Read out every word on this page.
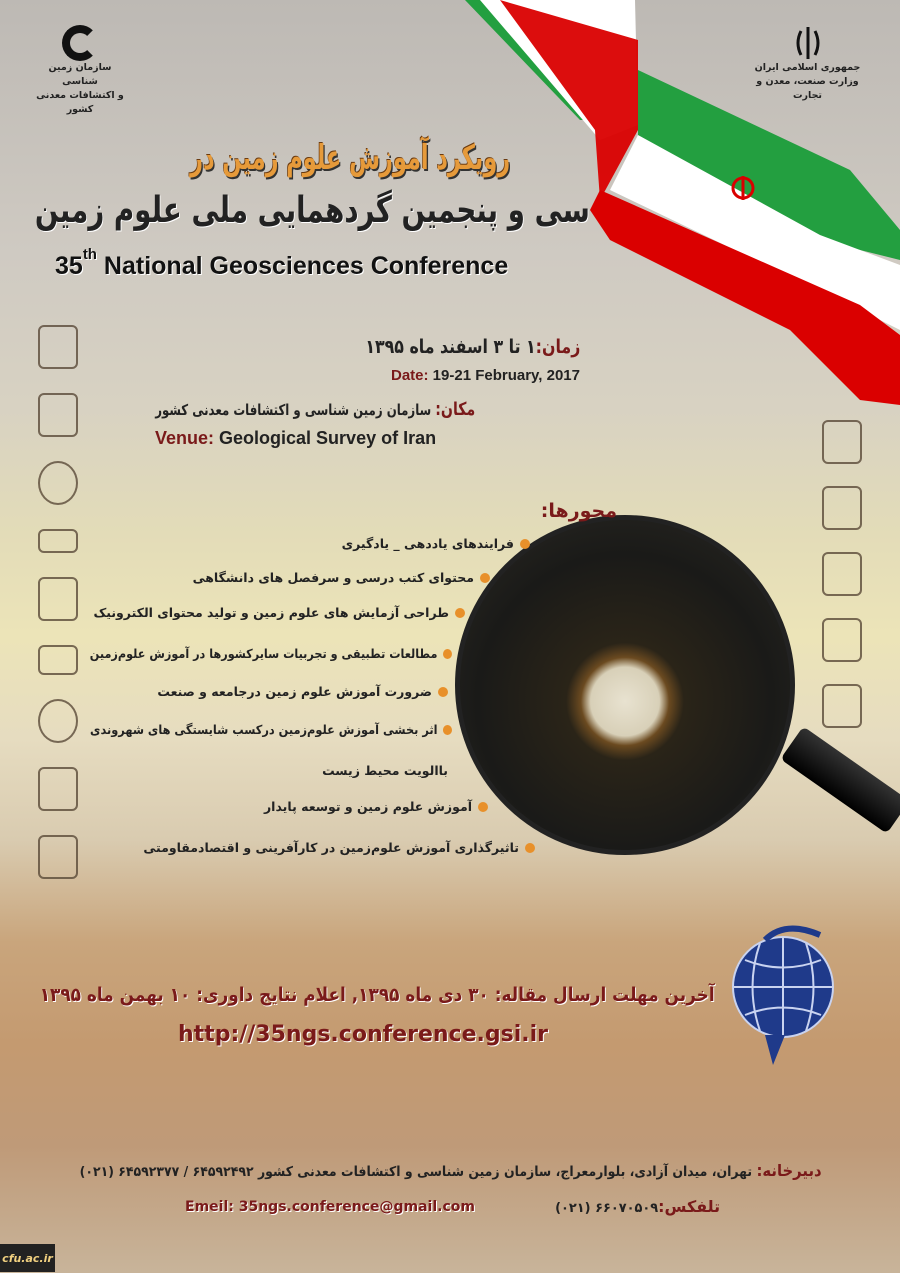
سازمان زمین شناسی
و اکتشافات معدنی کشور
جمهوری اسلامی ایران
وزارت صنعت، معدن و تجارت
رویکرد آموزش علوم زمین در
سی و پنجمین گردهمایی ملی علوم زمین
35th National Geosciences Conference
زمان:۱ تا ۳ اسفند ماه ۱۳۹۵
Date: 19-21 February, 2017
مکان: سازمان زمین شناسی و اکتشافات معدنی کشور
Venue: Geological Survey of Iran
محورها:
فرایندهای یاددهی _ یادگیری
محتوای کتب درسی و سرفصل های دانشگاهی
طراحی آزمایش های علوم زمین و تولید محتوای الکترونیک
مطالعات تطبیقی و تجربیات سایرکشورها در آموزش علوم‌زمین
ضرورت آموزش علوم زمین درجامعه و صنعت
اثر بخشی آموزش علوم‌زمین درکسب شایستگی های شهروندی
باالویت محیط زیست
آموزش علوم زمین و توسعه پایدار
تاثیرگذاری آموزش علوم‌زمین در کارآفرینی و اقتصادمقاومتی
آخرین مهلت ارسال مقاله: ۳۰ دی ماه ۱۳۹۵, اعلام نتایج داوری: ۱۰ بهمن ماه ۱۳۹۵
http://35ngs.conference.gsi.ir
دبیرخانه: تهران، میدان آزادی، بلوارمعراج، سازمان زمین شناسی و اکتشافات معدنی کشور ۶۴۵۹۲۴۹۲ / ۶۴۵۹۲۳۷۷ (۰۲۱)
تلفکس:۶۶۰۷۰۵۰۹ (۰۲۱)
Emeil: 35ngs.conference@gmail.com
cfu.ac.ir
